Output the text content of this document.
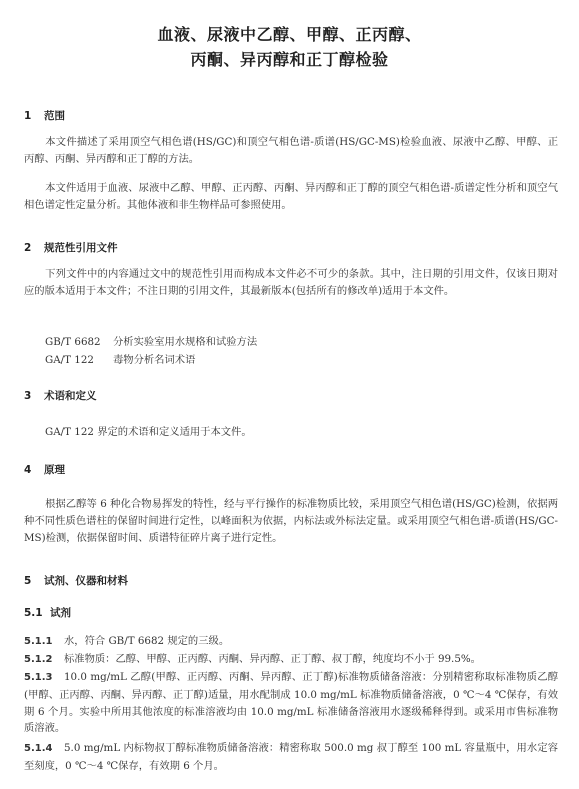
血液、尿液中乙醇、甲醇、正丙醇、
丙酮、异丙醇和正丁醇检验
1 范围
本文件描述了采用顶空气相色谱(HS/GC)和顶空气相色谱-质谱(HS/GC-MS)检验血液、尿液中乙醇、甲醇、正丙醇、丙酮、异丙醇和正丁醇的方法。
本文件适用于血液、尿液中乙醇、甲醇、正丙醇、丙酮、异丙醇和正丁醇的顶空气相色谱-质谱定性分析和顶空气相色谱定性定量分析。其他体液和非生物样品可参照使用。
2 规范性引用文件
下列文件中的内容通过文中的规范性引用而构成本文件必不可少的条款。其中，注日期的引用文件，仅该日期对应的版本适用于本文件；不注日期的引用文件，其最新版本(包括所有的修改单)适用于本文件。
GB/T 6682 分析实验室用水规格和试验方法
GA/T 122 毒物分析名词术语
3 术语和定义
GA/T 122 界定的术语和定义适用于本文件。
4 原理
根据乙醇等 6 种化合物易挥发的特性，经与平行操作的标准物质比较，采用顶空气相色谱(HS/GC)检测，依据两种不同性质色谱柱的保留时间进行定性，以峰面积为依据，内标法或外标法定量。或采用顶空气相色谱-质谱(HS/GC-MS)检测，依据保留时间、质谱特征碎片离子进行定性。
5 试剂、仪器和材料
5.1 试剂
5.1.1 水，符合 GB/T 6682 规定的三级。
5.1.2 标准物质：乙醇、甲醇、正丙醇、丙酮、异丙醇、正丁醇、叔丁醇，纯度均不小于 99.5%。
5.1.3 10.0 mg/mL 乙醇(甲醇、正丙醇、丙酮、异丙醇、正丁醇)标准物质储备溶液：分别精密称取标准物质乙醇(甲醇、正丙醇、丙酮、异丙醇、正丁醇)适量，用水配制成 10.0 mg/mL 标准物质储备溶液，0 ℃～4 ℃保存，有效期 6 个月。实验中所用其他浓度的标准溶液均由 10.0 mg/mL 标准储备溶液用水逐级稀释得到。或采用市售标准物质溶液。
5.1.4 5.0 mg/mL 内标物叔丁醇标准物质储备溶液：精密称取 500.0 mg 叔丁醇至 100 mL 容量瓶中，用水定容至刻度，0 ℃～4 ℃保存，有效期 6 个月。
